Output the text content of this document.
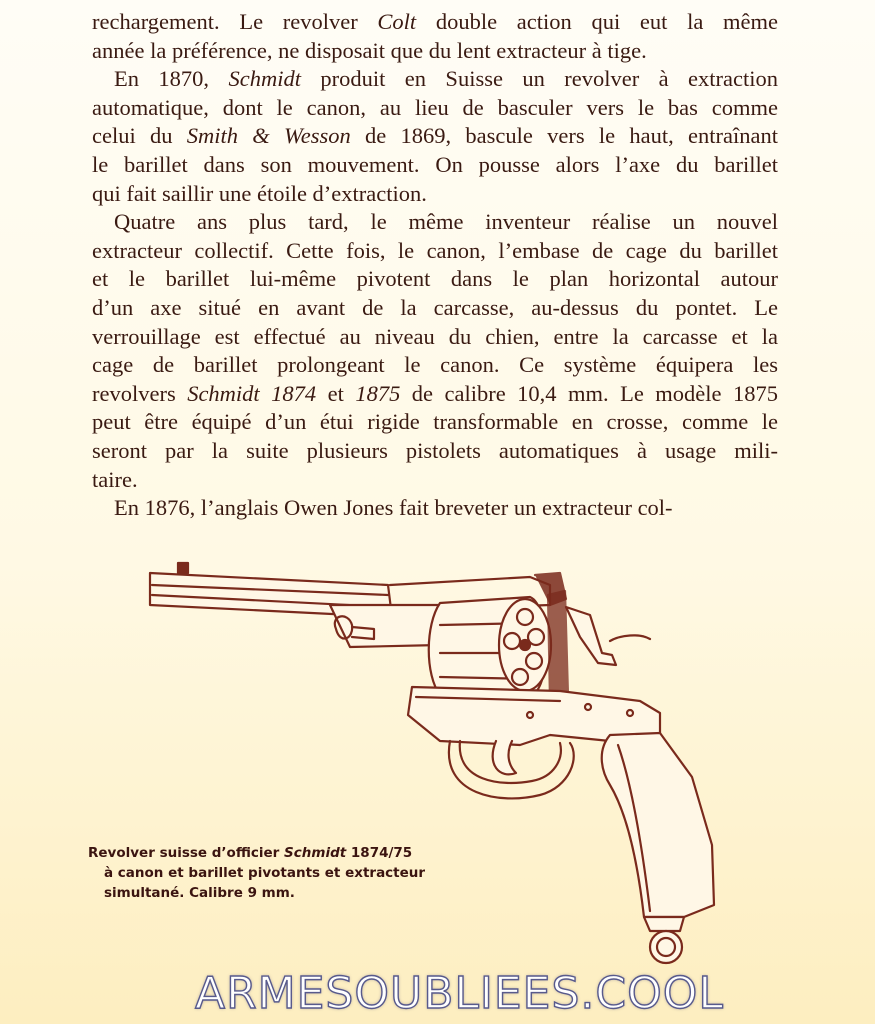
rechargement. Le revolver Colt double action qui eut la même
année la préférence, ne disposait que du lent extracteur à tige.

En 1870, Schmidt produit en Suisse un revolver à extraction
automatique, dont le canon, au lieu de basculer vers le bas comme
celui du Smith & Wesson de 1869, bascule vers le haut, entraînant
le barillet dans son mouvement. On pousse alors l’axe du barillet
qui fait saillir une étoile d’extraction.

Quatre ans plus tard, le même inventeur réalise un nouvel
extracteur collectif. Cette fois, le canon, l’embase de cage du barillet
et le barillet lui-même pivotent dans le plan horizontal autour
d’un axe situé en avant de la carcasse, au-dessus du pontet. Le
verrouillage est effectué au niveau du chien, entre la carcasse et la
cage de barillet prolongeant le canon. Ce système équipera les
revolvers Schmidt 1874 et 1875 de calibre 10,4 mm. Le modèle 1875
peut être équipé d’un étui rigide transformable en crosse, comme le
seront par la suite plusieurs pistolets automatiques à usage mili-
taire.

En 1876, l’anglais Owen Jones fait breveter un extracteur col-

Revolver suisse d’officier Schmidt 1874/75
à canon et barillet pivotants et extracteur
simultané. Calibre 9 mm.
ARMESOUBLIEES.COOL
